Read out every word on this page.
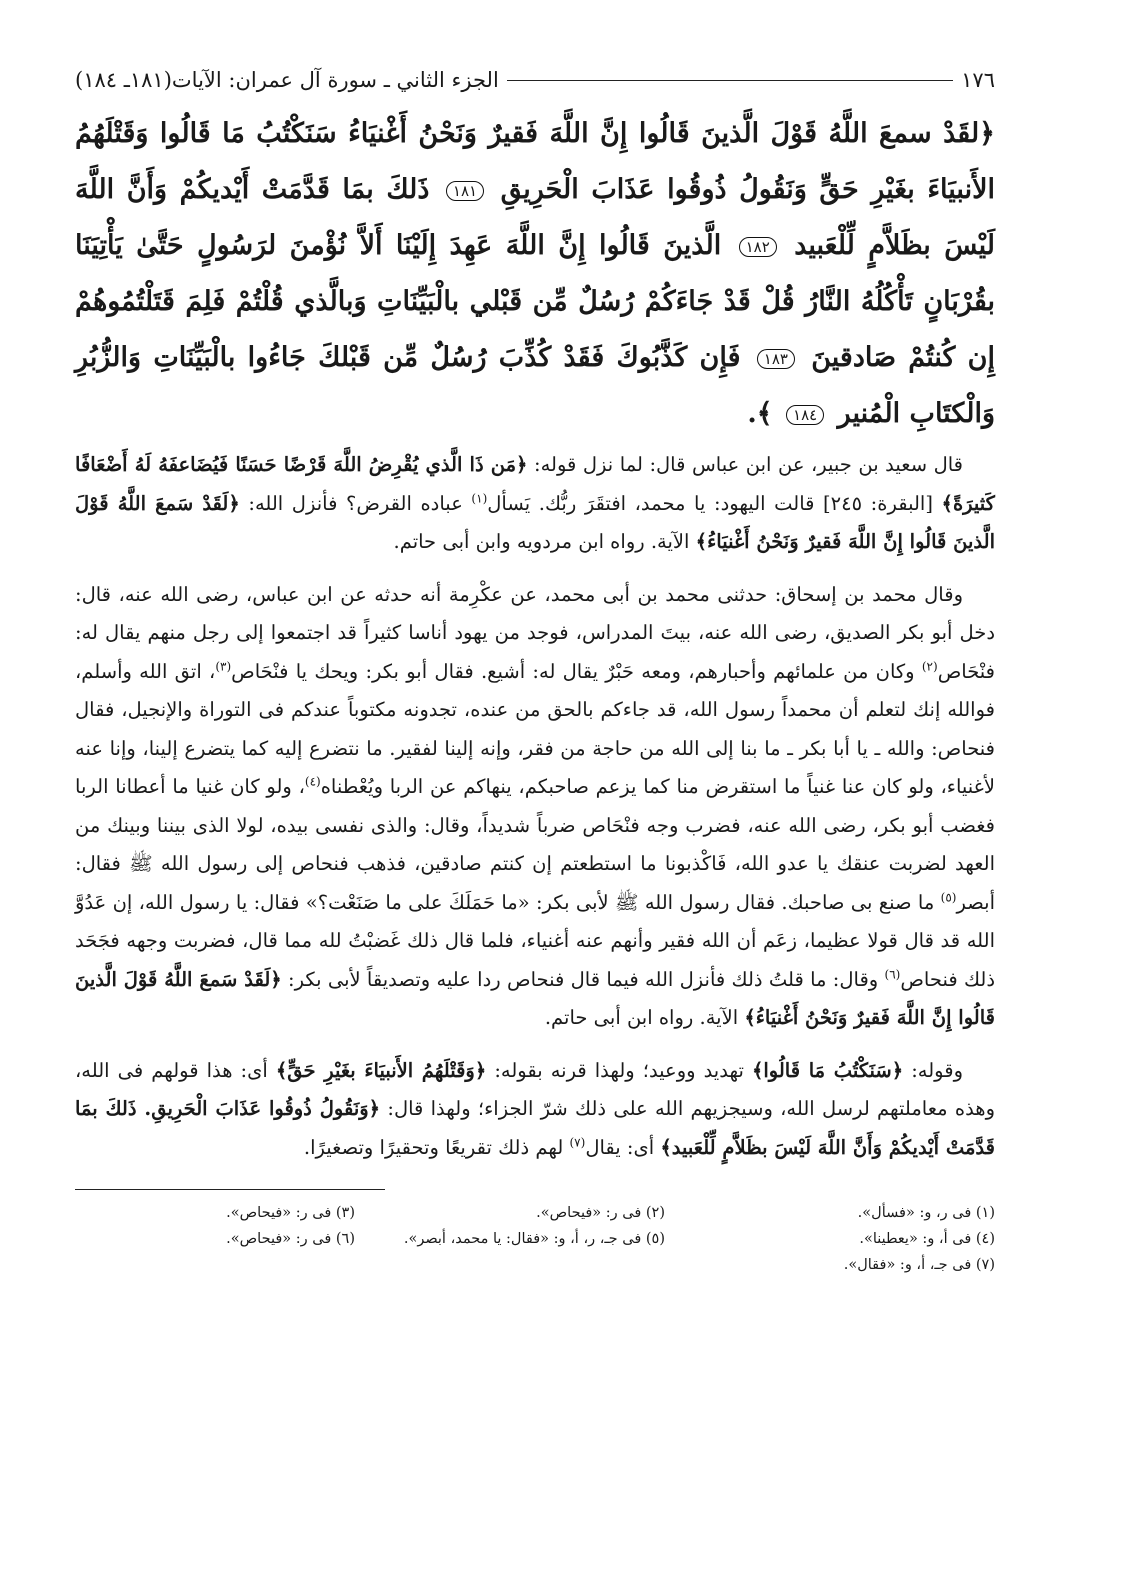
١٧٦
الجزء الثاني ـ سورة آل عمران: الآيات(١٨١ـ ١٨٤)
﴿لقَدْ سمعَ اللَّهُ قَوْلَ الَّذينَ قَالُوا إِنَّ اللَّهَ فَقيرٌ وَنَحْنُ أَغْنيَاءُ سَنَكْتُبُ مَا قَالُوا وَقَتْلَهُمُ الأَنبيَاءَ بغَيْرِ حَقٍّ وَنَقُولُ ذُوقُوا عَذَابَ الْحَرِيقِ ١٨١ ذَلكَ بمَا قَدَّمَتْ أَيْديكُمْ وَأَنَّ اللَّهَ لَيْسَ بظَلاَّمٍ لِّلْعَبيد ١٨٢ الَّذينَ قَالُوا إِنَّ اللَّهَ عَهِدَ إِلَيْنَا أَلاَّ نُؤْمنَ لرَسُولٍ حَتَّىٰ يَأْتِيَنَا بقُرْبَانٍ تَأْكُلُهُ النَّارُ قُلْ قَدْ جَاءَكُمْ رُسُلٌ مِّن قَبْلي بالْبَيِّنَاتِ وَبالَّذي قُلْتُمْ فَلِمَ قَتَلْتُمُوهُمْ إِن كُنتُمْ صَادقينَ ١٨٣ فَإِن كَذَّبُوكَ فَقَدْ كُذِّبَ رُسُلٌ مِّن قَبْلكَ جَاءُوا بالْبَيِّنَاتِ وَالزُّبُرِ وَالْكتَابِ الْمُنير ١٨٤ ﴾.

قال سعيد بن جبير، عن ابن عباس قال: لما نزل قوله: ﴿مَن ذَا الَّذي يُقْرِضُ اللَّهَ قَرْضًا حَسَنًا فَيُضَاعفَهُ لَهُ أَضْعَافًا كَثيرَةً﴾ [البقرة: ٢٤٥] قالت اليهود: يا محمد، افتقَرَ ربُّك. يَسأل$^{(١)}$ عباده القرض؟ فأنزل الله: ﴿لَقَدْ سَمعَ اللَّهُ قَوْلَ الَّذينَ قَالُوا إِنَّ اللَّهَ فَقيرٌ وَنَحْنُ أَغْنيَاءُ﴾ الآية. رواه ابن مردويه وابن أبى حاتم.

وقال محمد بن إسحاق: حدثنى محمد بن أبى محمد، عن عكْرِمة أنه حدثه عن ابن عباس، رضى الله عنه، قال: دخل أبو بكر الصديق، رضى الله عنه، بيتَ المدراس، فوجد من يهود أناسا كثيراً قد اجتمعوا إلى رجل منهم يقال له: فنْحَاص$^{(٢)}$ وكان من علمائهم وأحبارهم، ومعه حَبْرٌ يقال له: أشيع. فقال أبو بكر: ويحك يا فنْحَاص$^{(٣)}$، اتق الله وأسلم، فوالله إنك لتعلم أن محمداً رسول الله، قد جاءكم بالحق من عنده، تجدونه مكتوباً عندكم فى التوراة والإنجيل، فقال فنحاص: والله ـ يا أبا بكر ـ ما بنا إلى الله من حاجة من فقر، وإنه إلينا لفقير. ما نتضرع إليه كما يتضرع إلينا، وإنا عنه لأغنياء، ولو كان عنا غنياً ما استقرض منا كما يزعم صاحبكم، ينهاكم عن الربا ويُعْطناه$^{(٤)}$، ولو كان غنيا ما أعطانا الربا فغضب أبو بكر، رضى الله عنه، فضرب وجه فنْحَاص ضرباً شديداً، وقال: والذى نفسى بيده، لولا الذى بيننا وبينك من العهد لضربت عنقك يا عدو الله، فَاكْذبونا ما استطعتم إن كنتم صادقين، فذهب فنحاص إلى رسول الله ﷺ فقال: أبصر$^{(٥)}$ ما صنع بى صاحبك. فقال رسول الله ﷺ لأبى بكر: «ما حَمَلَكَ على ما صَنَعْت؟» فقال: يا رسول الله، إن عَدُوَّ الله قد قال قولا عظيما، زعَم أن الله فقير وأنهم عنه أغنياء، فلما قال ذلك غَضبْتُ لله مما قال، فضربت وجهه فجَحَد ذلك فنحاص$^{(٦)}$ وقال: ما قلتُ ذلك فأنزل الله فيما قال فنحاص ردا عليه وتصديقاً لأبى بكر: ﴿لَقَدْ سَمعَ اللَّهُ قَوْلَ الَّذينَ قَالُوا إِنَّ اللَّهَ فَقيرٌ وَنَحْنُ أَغْنيَاءُ﴾ الآية. رواه ابن أبى حاتم.

وقوله: ﴿سَنَكْتُبُ مَا قَالُوا﴾ تهديد ووعيد؛ ولهذا قرنه بقوله: ﴿وَقَتْلَهُمُ الأَنبيَاءَ بغَيْرِ حَقٍّ﴾ أى: هذا قولهم فى الله، وهذه معاملتهم لرسل الله، وسيجزيهم الله على ذلك شرّ الجزاء؛ ولهذا قال: ﴿وَنَقُولُ ذُوقُوا عَذَابَ الْحَرِيقِ. ذَلكَ بمَا قَدَّمَتْ أَيْديكُمْ وَأَنَّ اللَّهَ لَيْسَ بظَلاَّمٍ لِّلْعَبيد﴾ أى: يقال$^{(٧)}$ لهم ذلك تقريعًا وتحقيرًا وتصغيرًا.

(١) فى ر، و: «فسأل».
(٢) فى ر: «فيحاص».
(٣) فى ر: «فيحاص».
(٤) فى أ، و: «يعطينا».
(٥) فى جـ، ر، أ، و: «فقال: يا محمد، أبصر».
(٦) فى ر: «فيحاص».
(٧) فى جـ، أ، و: «فقال».
